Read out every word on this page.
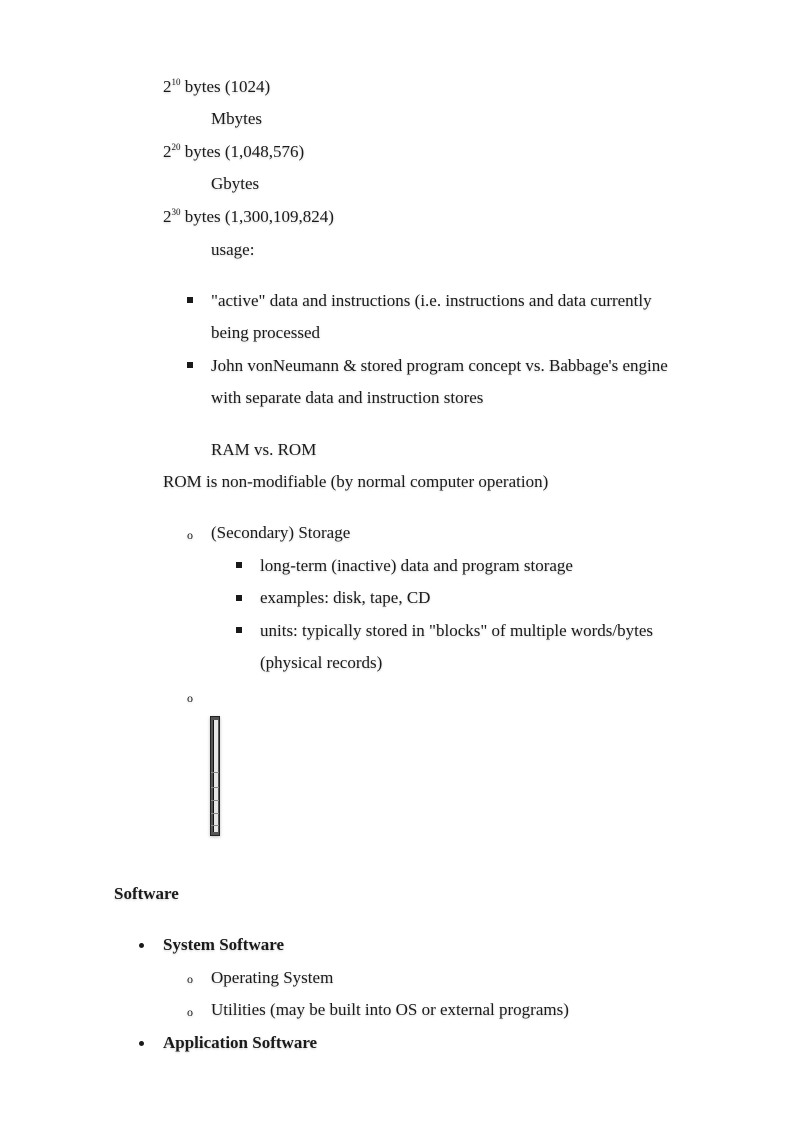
$2^{10}$ bytes (1024)
Mbytes
$2^{20}$ bytes (1,048,576)
Gbytes
$2^{30}$ bytes (1,300,109,824)
usage:
"active" data and instructions (i.e. instructions and data currently
being processed
John vonNeumann & stored program concept vs. Babbage's engine
with separate data and instruction stores
RAM vs. ROM
ROM is non-modifiable (by normal computer operation)
o (Secondary) Storage
long-term (inactive) data and program storage
examples: disk, tape, CD
units: typically stored in "blocks" of multiple words/bytes
(physical records)
o
Software
System Software
o Operating System
o Utilities (may be built into OS or external programs)
Application Software
